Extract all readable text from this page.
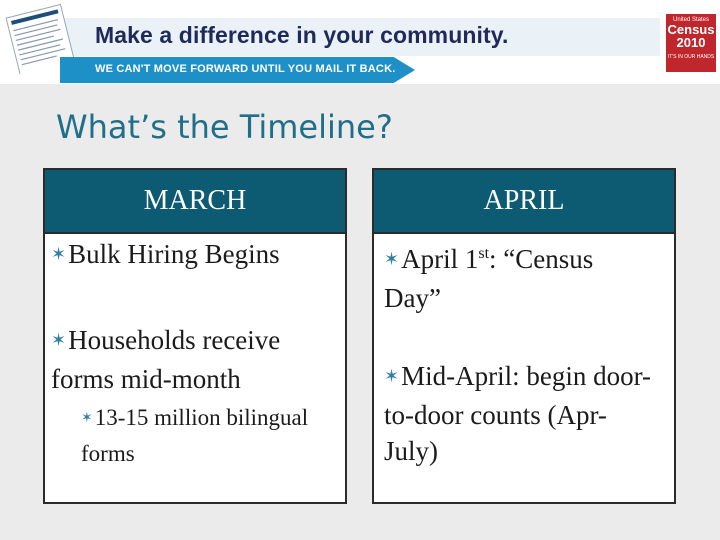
Make a difference in your community.
WE CAN'T MOVE FORWARD UNTIL YOU MAIL IT BACK.
United States
Census
2010
IT'S IN OUR HANDS
What’s the Timeline?
MARCH
✶Bulk Hiring Begins
✶Households receive forms mid-month
✶13-15 million bilingual forms
APRIL
✶April 1st: “Census Day”
✶Mid-April: begin door-to-door counts (Apr-July)
